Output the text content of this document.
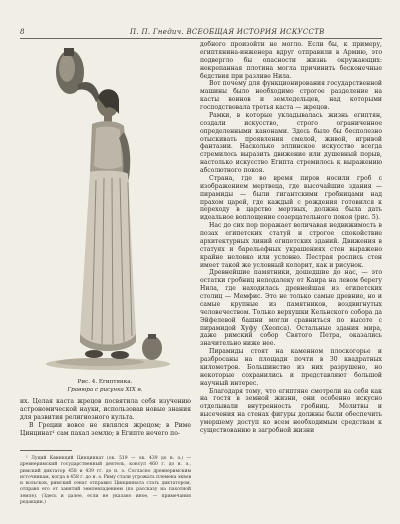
8	П. П. Гнедич. ВСЕОБЩАЯ ИСТОРИЯ ИСКУССТВ
Рис. 4. Египтянка.
Гравюра с рисунка XIX в.

добного произойти не могло. Если бы, к примеру, египтянина-инженера вдруг отправили в Армию, это подвергло бы опасности жизнь окружающих: некрепанная плотина могла причинить бесконечные бедствия при разливе Нила.

Вот почему для функционирования государственной машины было необходимо строгое разделение на касты воинов и земледельцев, над которыми господствовала третья каста — жрецов.

Рамки, в которые укладывалась жизнь египтян, создали искусство, строго ограниченное определенными канонами. Здесь было бы бесполезно отыскивать проявления смелой, живой, игривой фантазии. Насколько эллинское искусство всегда стремилось выразить движение или душевный порыв, настолько искусство Египта стремилось к выражению абсолютного покоя.

Страна, где во время пиров носили гроб с изображением мертвеца, где высочайшие здания — пирамиды — были гигантскими гробницами над прахом царей, где каждый с рождения готовился к переходу в царство мертвых, должна была дать идеальное воплощение созерцательного покоя (рис. 5).

Нас до сих пор поражает величавая недвижимость в позах египетских статуй и строгое спокойствие архитектурных линий египетских зданий. Движения в статуях и барельефных украшениях стен выражено крайне неловко или условно. Пестрая роспись стен имеет такой же условный колорит, как и рисунок.

Древнейшие памятники, дошедшие до нас, — это остатки гробниц неподалеку от Каира на левом берегу Нила, где находилась древнейшая из египетских столиц — Мемфис. Это не только самые древние, но и самые крупные из памятников, воздвигнутых человечеством. Только верхушки Кельнского собора да Эйфелевой башни могли сравниться по высоте с пирамидой Хуфу (Хеопса). Остальные здания мира, даже римский собор Святого Петра, оказались значительно ниже нее.

Пирамиды стоят на каменном плоскогорье и разбросаны на площади почти в 30 квадратных километров. Большинство из них разрушено, но некоторые сохранились и представляют большой научный интерес.

Благодаря тому, что египтяне смотрели на себя как на гостя в земной жизни, они особенно искусно отделывали внутренность гробниц. Молитвы и высечения на стенах фигуры должны были обеспечить умершему доступ ко всем необходимым средствам к существованию в загробной жизни

их. Целая каста жрецов посвятила себя изучению астрономической науки, использовав новые знания для развития религиозного культа.

В Греции вовсе не являлся жрецом; в Риме Цинцинат¹ сам пахал землю; в Египте нечего по-

¹ Луций Квинкций Цинциннат (ок. 519 — ок. 439 до н. э.) — древнеримский государственный деятель, консул 460 г. до н. э., римский диктатор 458 и 439 гг. до н. э. Согласно древнеримским источникам, когда в 458 г. до н. э. Риму стали угрожать племена эквов и вольсков, римский сенат отправил Цинцинната стать диктатором, отправя его от занятий землевладением (по рассказу на пахотной земле). (Здесь и далее, если не указано иное, — примечания редакции.)
